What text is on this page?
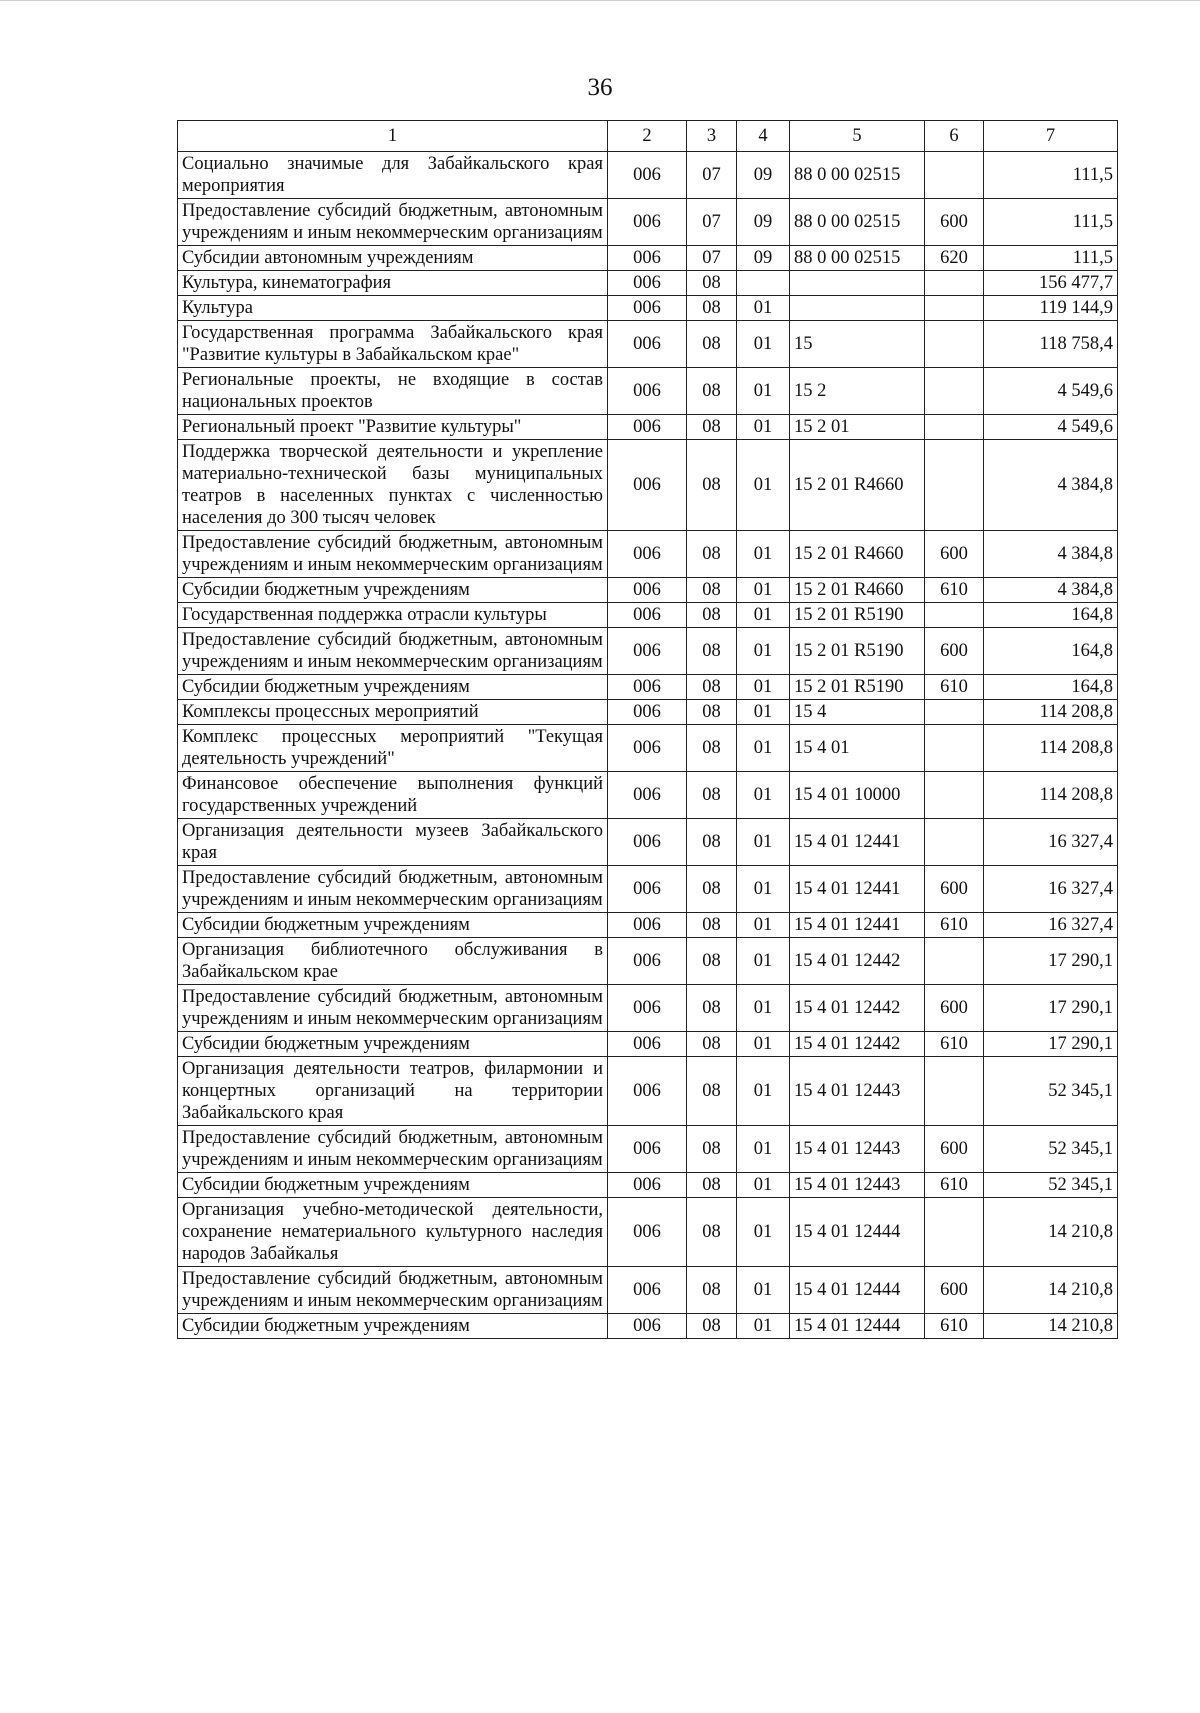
36
1	2	3	4	5	6	7
Социально значимые для Забайкальского края мероприятия	006	07	09	88 0 00 02515		111,5
Предоставление субсидий бюджетным, автономным учреждениям и иным некоммерческим организациям	006	07	09	88 0 00 02515	600	111,5
Субсидии автономным учреждениям	006	07	09	88 0 00 02515	620	111,5
Культура, кинематография	006	08				156 477,7
Культура	006	08	01			119 144,9
Государственная программа Забайкальского края "Развитие культуры в Забайкальском крае"	006	08	01	15		118 758,4
Региональные проекты, не входящие в состав национальных проектов	006	08	01	15 2		4 549,6
Региональный проект "Развитие культуры"	006	08	01	15 2 01		4 549,6
Поддержка творческой деятельности и укрепление материально-технической базы муниципальных театров в населенных пунктах с численностью населения до 300 тысяч человек	006	08	01	15 2 01 R4660		4 384,8
Предоставление субсидий бюджетным, автономным учреждениям и иным некоммерческим организациям	006	08	01	15 2 01 R4660	600	4 384,8
Субсидии бюджетным учреждениям	006	08	01	15 2 01 R4660	610	4 384,8
Государственная поддержка отрасли культуры	006	08	01	15 2 01 R5190		164,8
Предоставление субсидий бюджетным, автономным учреждениям и иным некоммерческим организациям	006	08	01	15 2 01 R5190	600	164,8
Субсидии бюджетным учреждениям	006	08	01	15 2 01 R5190	610	164,8
Комплексы процессных мероприятий	006	08	01	15 4		114 208,8
Комплекс процессных мероприятий "Текущая деятельность учреждений"	006	08	01	15 4 01		114 208,8
Финансовое обеспечение выполнения функций государственных учреждений	006	08	01	15 4 01 10000		114 208,8
Организация деятельности музеев Забайкальского края	006	08	01	15 4 01 12441		16 327,4
Предоставление субсидий бюджетным, автономным учреждениям и иным некоммерческим организациям	006	08	01	15 4 01 12441	600	16 327,4
Субсидии бюджетным учреждениям	006	08	01	15 4 01 12441	610	16 327,4
Организация библиотечного обслуживания в Забайкальском крае	006	08	01	15 4 01 12442		17 290,1
Предоставление субсидий бюджетным, автономным учреждениям и иным некоммерческим организациям	006	08	01	15 4 01 12442	600	17 290,1
Субсидии бюджетным учреждениям	006	08	01	15 4 01 12442	610	17 290,1
Организация деятельности театров, филармонии и концертных организаций на территории Забайкальского края	006	08	01	15 4 01 12443		52 345,1
Предоставление субсидий бюджетным, автономным учреждениям и иным некоммерческим организациям	006	08	01	15 4 01 12443	600	52 345,1
Субсидии бюджетным учреждениям	006	08	01	15 4 01 12443	610	52 345,1
Организация учебно-методической деятельности, сохранение нематериального культурного наследия народов Забайкалья	006	08	01	15 4 01 12444		14 210,8
Предоставление субсидий бюджетным, автономным учреждениям и иным некоммерческим организациям	006	08	01	15 4 01 12444	600	14 210,8
Субсидии бюджетным учреждениям	006	08	01	15 4 01 12444	610	14 210,8
